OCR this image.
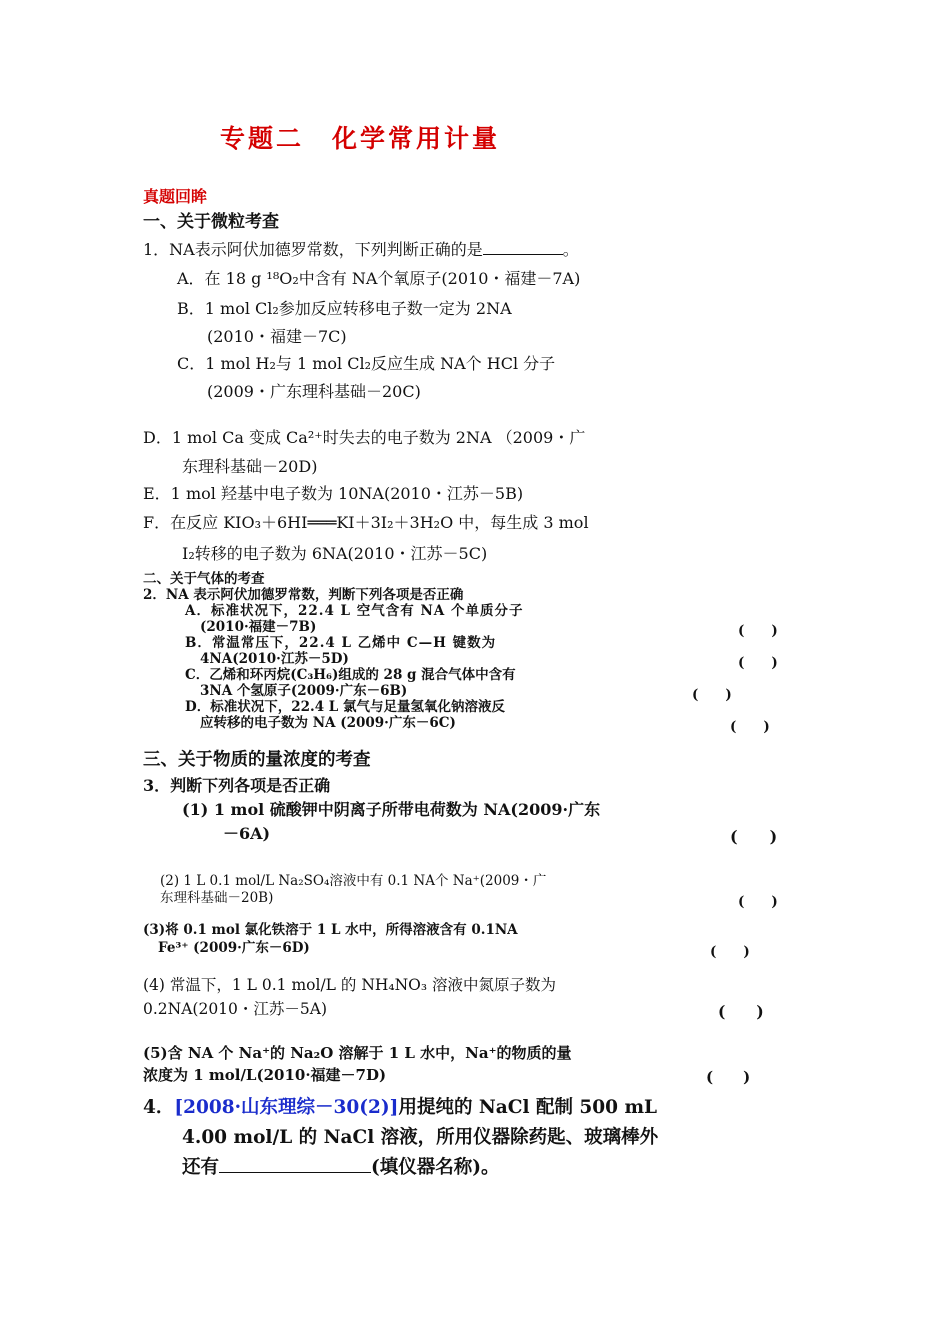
专题二　化学常用计量
真题回眸
一、关于微粒考查
1．NA表示阿伏加德罗常数，下列判断正确的是	。
A．在 18 g ¹⁸O₂中含有 NA个氧原子(2010・福建－7A)
B．1 mol Cl₂参加反应转移电子数一定为 2NA
(2010・福建－7C)
C．1 mol H₂与 1 mol Cl₂反应生成 NA个 HCl 分子
(2009・广东理科基础－20C)
D．1 mol Ca 变成 Ca²⁺时失去的电子数为 2NA （2009・广
东理科基础－20D)
E．1 mol 羟基中电子数为 10NA(2010・江苏－5B)
F．在反应 KIO₃＋6HI═══KI＋3I₂＋3H₂O 中，每生成 3 mol
I₂转移的电子数为 6NA(2010・江苏－5C)
二、关于气体的考查
2．NA 表示阿伏加德罗常数，判断下列各项是否正确
A．标准状况下，22.4 L 空气含有 NA 个单质分子
(2010·福建－7B)	(　　)
B．常温常压下，22.4 L 乙烯中 C—H 键数为
4NA(2010·江苏－5D)	(　　)
C．乙烯和环丙烷(C₃H₆)组成的 28 g 混合气体中含有
3NA 个氢原子(2009·广东－6B)	(　　)
D．标准状况下，22.4 L 氯气与足量氢氧化钠溶液反
应转移的电子数为 NA (2009·广东－6C)	(　　)
三、关于物质的量浓度的考查
3．判断下列各项是否正确
(1) 1 mol 硫酸钾中阴离子所带电荷数为 NA(2009·广东
－6A)	(　　)
(2) 1 L 0.1 mol/L Na₂SO₄溶液中有 0.1 NA个 Na⁺(2009・广
东理科基础－20B)	(　　)
(3)将 0.1 mol 氯化铁溶于 1 L 水中，所得溶液含有 0.1NA
Fe³⁺ (2009·广东－6D)	(　　)
(4) 常温下，1 L 0.1 mol/L 的 NH₄NO₃ 溶液中氮原子数为
0.2NA(2010・江苏－5A)	(　　)
(5)含 NA 个 Na⁺的 Na₂O 溶解于 1 L 水中，Na⁺的物质的量
浓度为 1 mol/L(2010·福建－7D)	(　　)
4．[2008·山东理综－30(2)]用提纯的 NaCl 配制 500 mL
4.00 mol/L 的 NaCl 溶液，所用仪器除药匙、玻璃棒外
还有	(填仪器名称)。
